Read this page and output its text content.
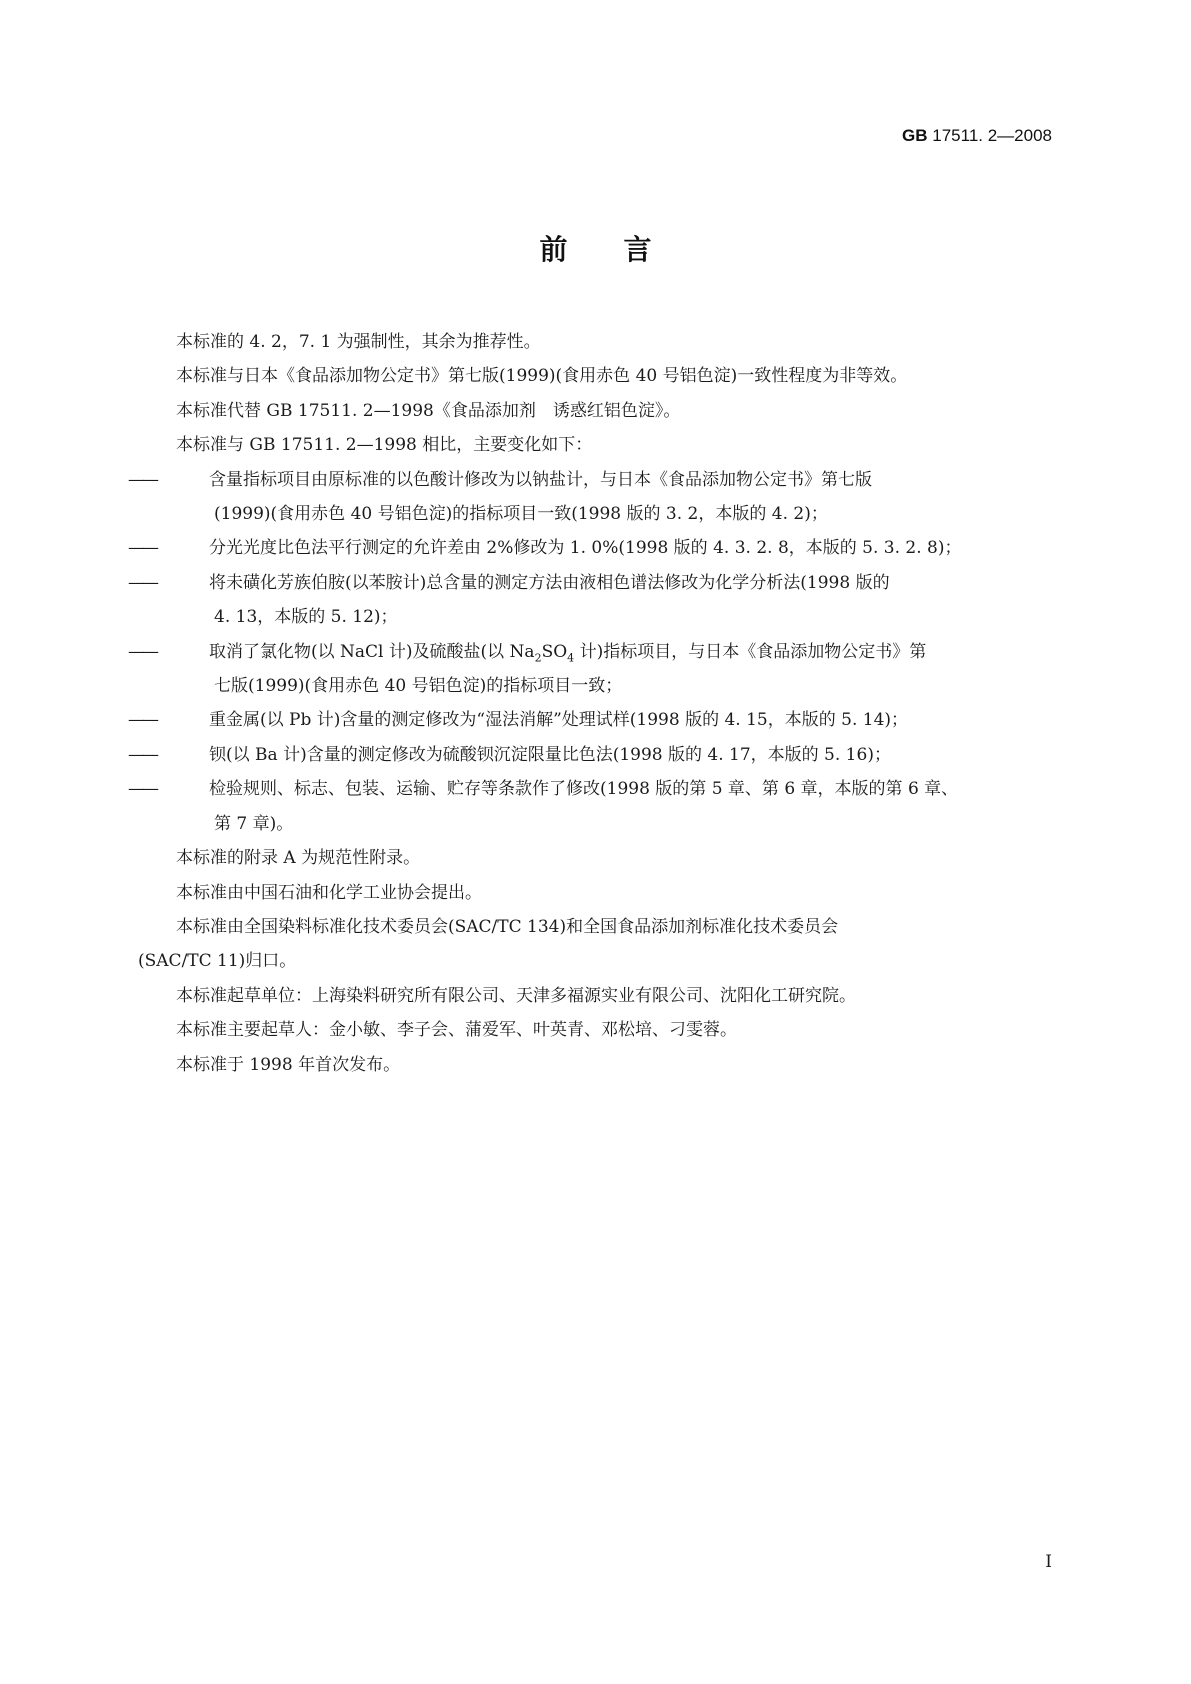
GB 17511. 2—2008
前言

本标准的 4. 2，7. 1 为强制性，其余为推荐性。

本标准与日本《食品添加物公定书》第七版(1999)(食用赤色 40 号铝色淀)一致性程度为非等效。

本标准代替 GB 17511. 2—1998《食品添加剂　诱惑红铝色淀》。

本标准与 GB 17511. 2—1998 相比，主要变化如下：

——	含量指标项目由原标准的以色酸计修改为以钠盐计，与日本《食品添加物公定书》第七版

(1999)(食用赤色 40 号铝色淀)的指标项目一致(1998 版的 3. 2，本版的 4. 2)；

——	分光光度比色法平行测定的允许差由 2%修改为 1. 0%(1998 版的 4. 3. 2. 8，本版的 5. 3. 2. 8)；

——	将未磺化芳族伯胺(以苯胺计)总含量的测定方法由液相色谱法修改为化学分析法(1998 版的

4. 13，本版的 5. 12)；

——	取消了氯化物(以 NaCl 计)及硫酸盐(以 $Na_2SO_4$ 计)指标项目，与日本《食品添加物公定书》第

七版(1999)(食用赤色 40 号铝色淀)的指标项目一致；

——	重金属(以 Pb 计)含量的测定修改为“湿法消解”处理试样(1998 版的 4. 15，本版的 5. 14)；

——	钡(以 Ba 计)含量的测定修改为硫酸钡沉淀限量比色法(1998 版的 4. 17，本版的 5. 16)；

——	检验规则、标志、包装、运输、贮存等条款作了修改(1998 版的第 5 章、第 6 章，本版的第 6 章、

第 7 章)。

本标准的附录 A 为规范性附录。

本标准由中国石油和化学工业协会提出。

本标准由全国染料标准化技术委员会(SAC/TC 134)和全国食品添加剂标准化技术委员会

(SAC/TC 11)归口。

本标准起草单位：上海染料研究所有限公司、天津多福源实业有限公司、沈阳化工研究院。

本标准主要起草人：金小敏、李子会、蒲爱军、叶英青、邓松培、刁雯蓉。

本标准于 1998 年首次发布。

I
